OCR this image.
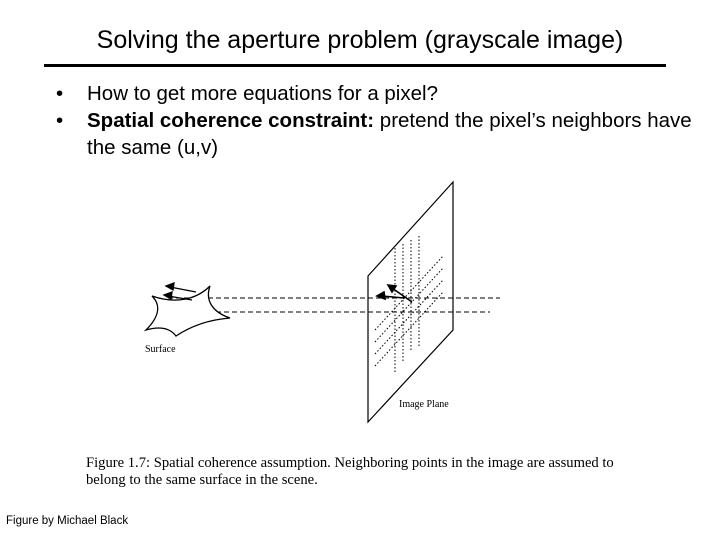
Solving the aperture problem (grayscale image)
• How to get more equations for a pixel?
• Spatial coherence constraint: pretend the pixel’s neighbors have the same (u,v)
Surface
Image Plane
Figure 1.7: Spatial coherence assumption. Neighboring points in the image are assumed to belong to the same surface in the scene.
Figure by Michael Black
